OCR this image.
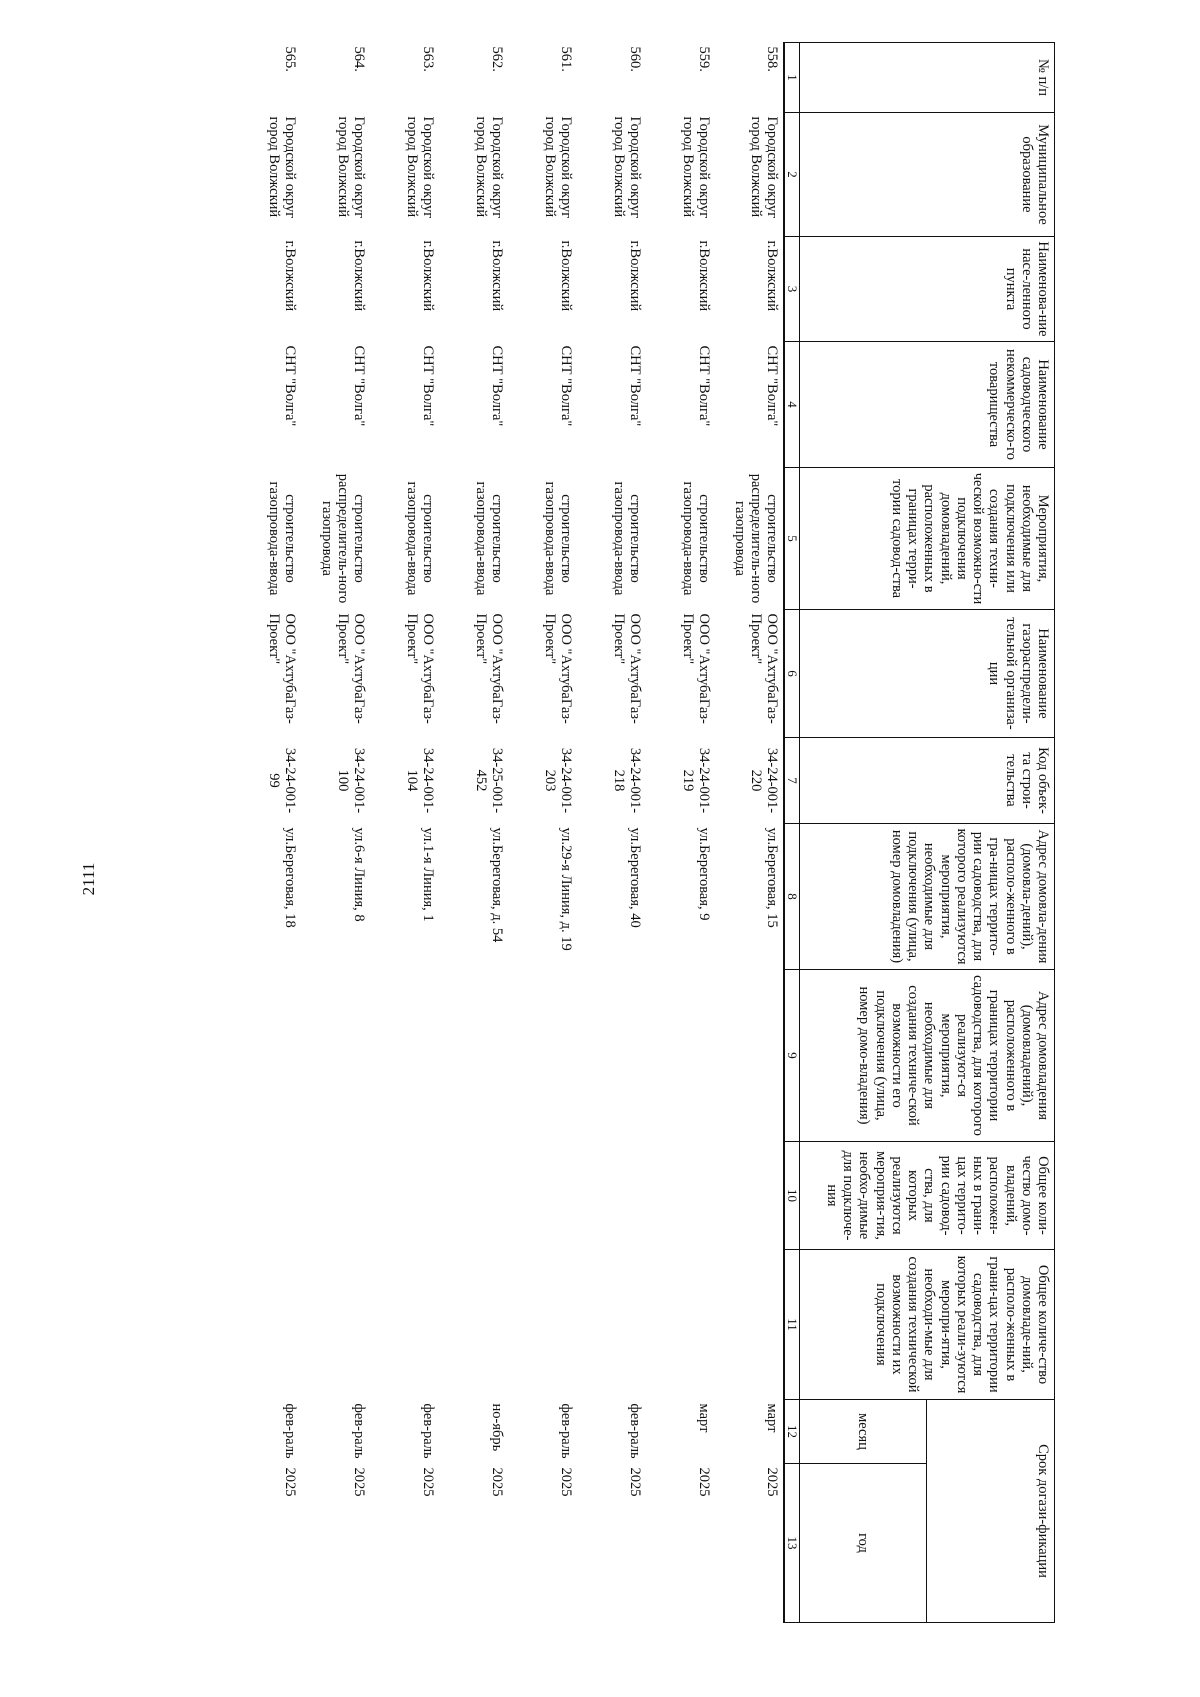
2111
№ п/п	Муниципальное образование	Наименова-ние насе-ленного пункта	Наименование садоводческого некоммерческо-го товарищества	Мероприятия, необходимые для подключения или создания техни-ческой возможно-сти подключения домовладений, расположенных в границах терри-тории садовод-ства	Наименование газораспредели-тельной организа-ции	Код объек-та строи-тельства	Адрес домовла-дения (домовла-дений), располо-женного в гра-ницах террито-рии садоводства, для которого реализуются мероприятия, необходимые для подключения (улица, номер домовладения)	Адрес домовладения (домовладений), расположенного в границах территории садоводства, для которого реализуют-ся мероприятия, необходимые для создания техниче-ской возможности его подключения (улица, номер домо-владения)	Общее коли-чество домо-владений, расположен-ных в грани-цах террито-рии садовод-ства, для которых реализуются мероприя-тия, необхо-димые для подключе-ния	Общее количе-ство домовладе-ний, располо-женных в грани-цах территории садоводства, для которых реали-зуются меропри-ятия, необходи-мые для создания технической возможности их подключения	Срок догази-фикации	
											месяц	год
1	2	3	4	5	6	7	8	9	10	11	12	13
558.	Городской округ город Волжский	г.Волжский	СНТ "Волга"	строительство распределитель-ного газопровода	ООО "АхтубаГаз-Проект"	34-24-001-220	ул.Береговая, 15				март	2025
559.	Городской округ город Волжский	г.Волжский	СНТ "Волга"	строительство газопровода-ввода	ООО "АхтубаГаз-Проект"	34-24-001-219	ул.Береговая, 9				март	2025
560.	Городской округ город Волжский	г.Волжский	СНТ "Волга"	строительство газопровода-ввода	ООО "АхтубаГаз-Проект"	34-24-001-218	ул.Береговая, 40				фев-раль	2025
561.	Городской округ город Волжский	г.Волжский	СНТ "Волга"	строительство газопровода-ввода	ООО "АхтубаГаз-Проект"	34-24-001-203	ул.29-я Линия, д. 19				фев-раль	2025
562.	Городской округ город Волжский	г.Волжский	СНТ "Волга"	строительство газопровода-ввода	ООО "АхтубаГаз-Проект"	34-25-001-452	ул.Береговая, д. 54				но-ябрь	2025
563.	Городской округ город Волжский	г.Волжский	СНТ "Волга"	строительство газопровода-ввода	ООО "АхтубаГаз-Проект"	34-24-001-104	ул.1-я Линия, 1				фев-раль	2025
564.	Городской округ город Волжский	г.Волжский	СНТ "Волга"	строительство распределитель-ного газопровода	ООО "АхтубаГаз-Проект"	34-24-001-100	ул.6-я Линия, 8				фев-раль	2025
565.	Городской округ город Волжский	г.Волжский	СНТ "Волга"	строительство газопровода-ввода	ООО "АхтубаГаз-Проект"	34-24-001-99	ул.Береговая, 18				фев-раль	2025
